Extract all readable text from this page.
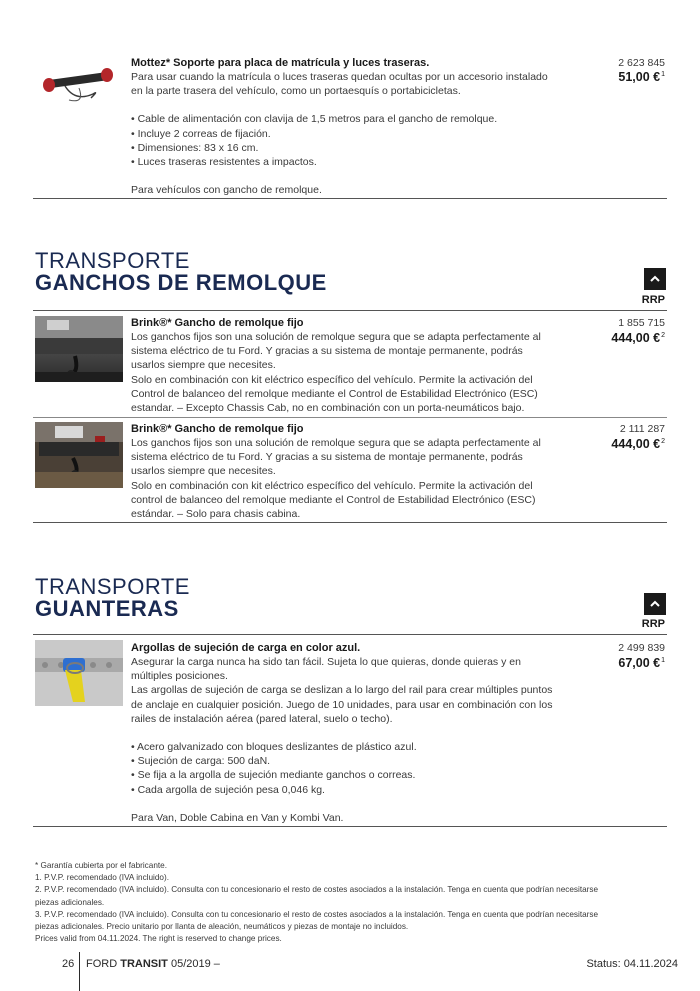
Mottez* Soporte para placa de matrícula y luces traseras.
Para usar cuando la matrícula o luces traseras quedan ocultas por un accesorio instalado
en la parte trasera del vehículo, como un portaesquís o portabicicletas.
• Cable de alimentación con clavija de 1,5 metros para el gancho de remolque.
• Incluye 2 correas de fijación.
• Dimensiones: 83 x 16 cm.
• Luces traseras resistentes a impactos.
Para vehículos con gancho de remolque.
2 623 845
51,00 €$^1$
TRANSPORTE
GANCHOS DE REMOLQUE
RRP
Brink®* Gancho de remolque fijo
Los ganchos fijos son una solución de remolque segura que se adapta perfectamente al
sistema eléctrico de tu Ford. Y gracias a su sistema de montaje permanente, podrás
usarlos siempre que necesites.
Solo en combinación con kit eléctrico específico del vehículo. Permite la activación del
Control de balanceo del remolque mediante el Control de Estabilidad Electrónico (ESC)
estandar. – Excepto Chassis Cab, no en combinación con un porta-neumáticos bajo.
1 855 715
444,00 €$^2$
Brink®* Gancho de remolque fijo
Los ganchos fijos son una solución de remolque segura que se adapta perfectamente al
sistema eléctrico de tu Ford. Y gracias a su sistema de montaje permanente, podrás
usarlos siempre que necesites.
Solo en combinación con kit eléctrico específico del vehículo. Permite la activación del
control de balanceo del remolque mediante el Control de Estabilidad Electrónico (ESC)
estándar. – Solo para chasis cabina.
2 111 287
444,00 €$^2$
TRANSPORTE
GUANTERAS
RRP
Argollas de sujeción de carga en color azul.
Asegurar la carga nunca ha sido tan fácil. Sujeta lo que quieras, donde quieras y en
múltiples posiciones.
Las argollas de sujeción de carga se deslizan a lo largo del rail para crear múltiples puntos
de anclaje en cualquier posición. Juego de 10 unidades, para usar en combinación con los
railes de instalación aérea (pared lateral, suelo o techo).
• Acero galvanizado con bloques deslizantes de plástico azul.
• Sujeción de carga: 500 daN.
• Se fija a la argolla de sujeción mediante ganchos o correas.
• Cada argolla de sujeción pesa 0,046 kg.
Para Van, Doble Cabina en Van y Kombi Van.
2 499 839
67,00 €$^1$
* Garantía cubierta por el fabricante.
1. P.V.P. recomendado (IVA incluido).
2. P.V.P. recomendado (IVA incluido). Consulta con tu concesionario el resto de costes asociados a la instalación. Tenga en cuenta que podrían necesitarse
piezas adicionales.
3. P.V.P. recomendado (IVA incluido). Consulta con tu concesionario el resto de costes asociados a la instalación. Tenga en cuenta que podrían necesitarse
piezas adicionales. Precio unitario por llanta de aleación, neumáticos y piezas de montaje no incluidos.
Prices valid from 04.11.2024. The right is reserved to change prices.
26 FORD TRANSIT 05/2019 –	Status: 04.11.2024
